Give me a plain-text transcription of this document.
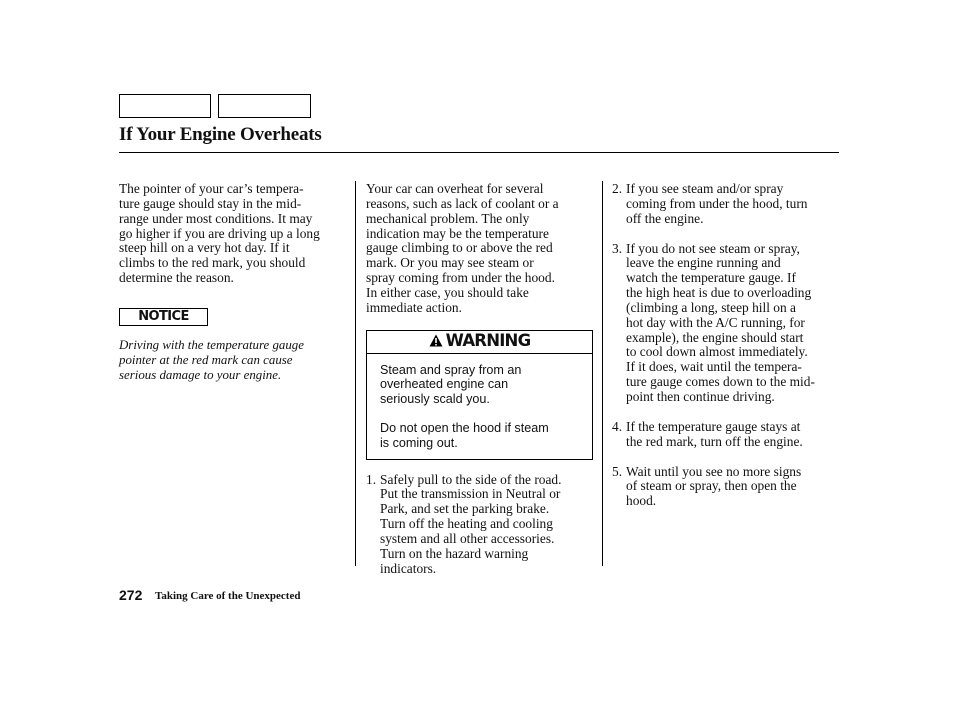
If Your Engine Overheats

The pointer of your car’s tempera-
ture gauge should stay in the mid-
range under most conditions. It may
go higher if you are driving up a long
steep hill on a very hot day. If it
climbs to the red mark, you should
determine the reason.

NOTICE

Driving with the temperature gauge
pointer at the red mark can cause
serious damage to your engine.

Your car can overheat for several
reasons, such as lack of coolant or a
mechanical problem. The only
indication may be the temperature
gauge climbing to or above the red
mark. Or you may see steam or
spray coming from under the hood.
In either case, you should take
immediate action.

WARNING

Steam and spray from an
overheated engine can
seriously scald you.

Do not open the hood if steam
is coming out.

1. Safely pull to the side of the road.
Put the transmission in Neutral or
Park, and set the parking brake.
Turn off the heating and cooling
system and all other accessories.
Turn on the hazard warning
indicators.
2. If you see steam and/or spray
coming from under the hood, turn
off the engine.
3. If you do not see steam or spray,
leave the engine running and
watch the temperature gauge. If
the high heat is due to overloading
(climbing a long, steep hill on a
hot day with the A/C running, for
example), the engine should start
to cool down almost immediately.
If it does, wait until the tempera-
ture gauge comes down to the mid-
point then continue driving.
4. If the temperature gauge stays at
the red mark, turn off the engine.
5. Wait until you see no more signs
of steam or spray, then open the
hood.
272 Taking Care of the Unexpected
